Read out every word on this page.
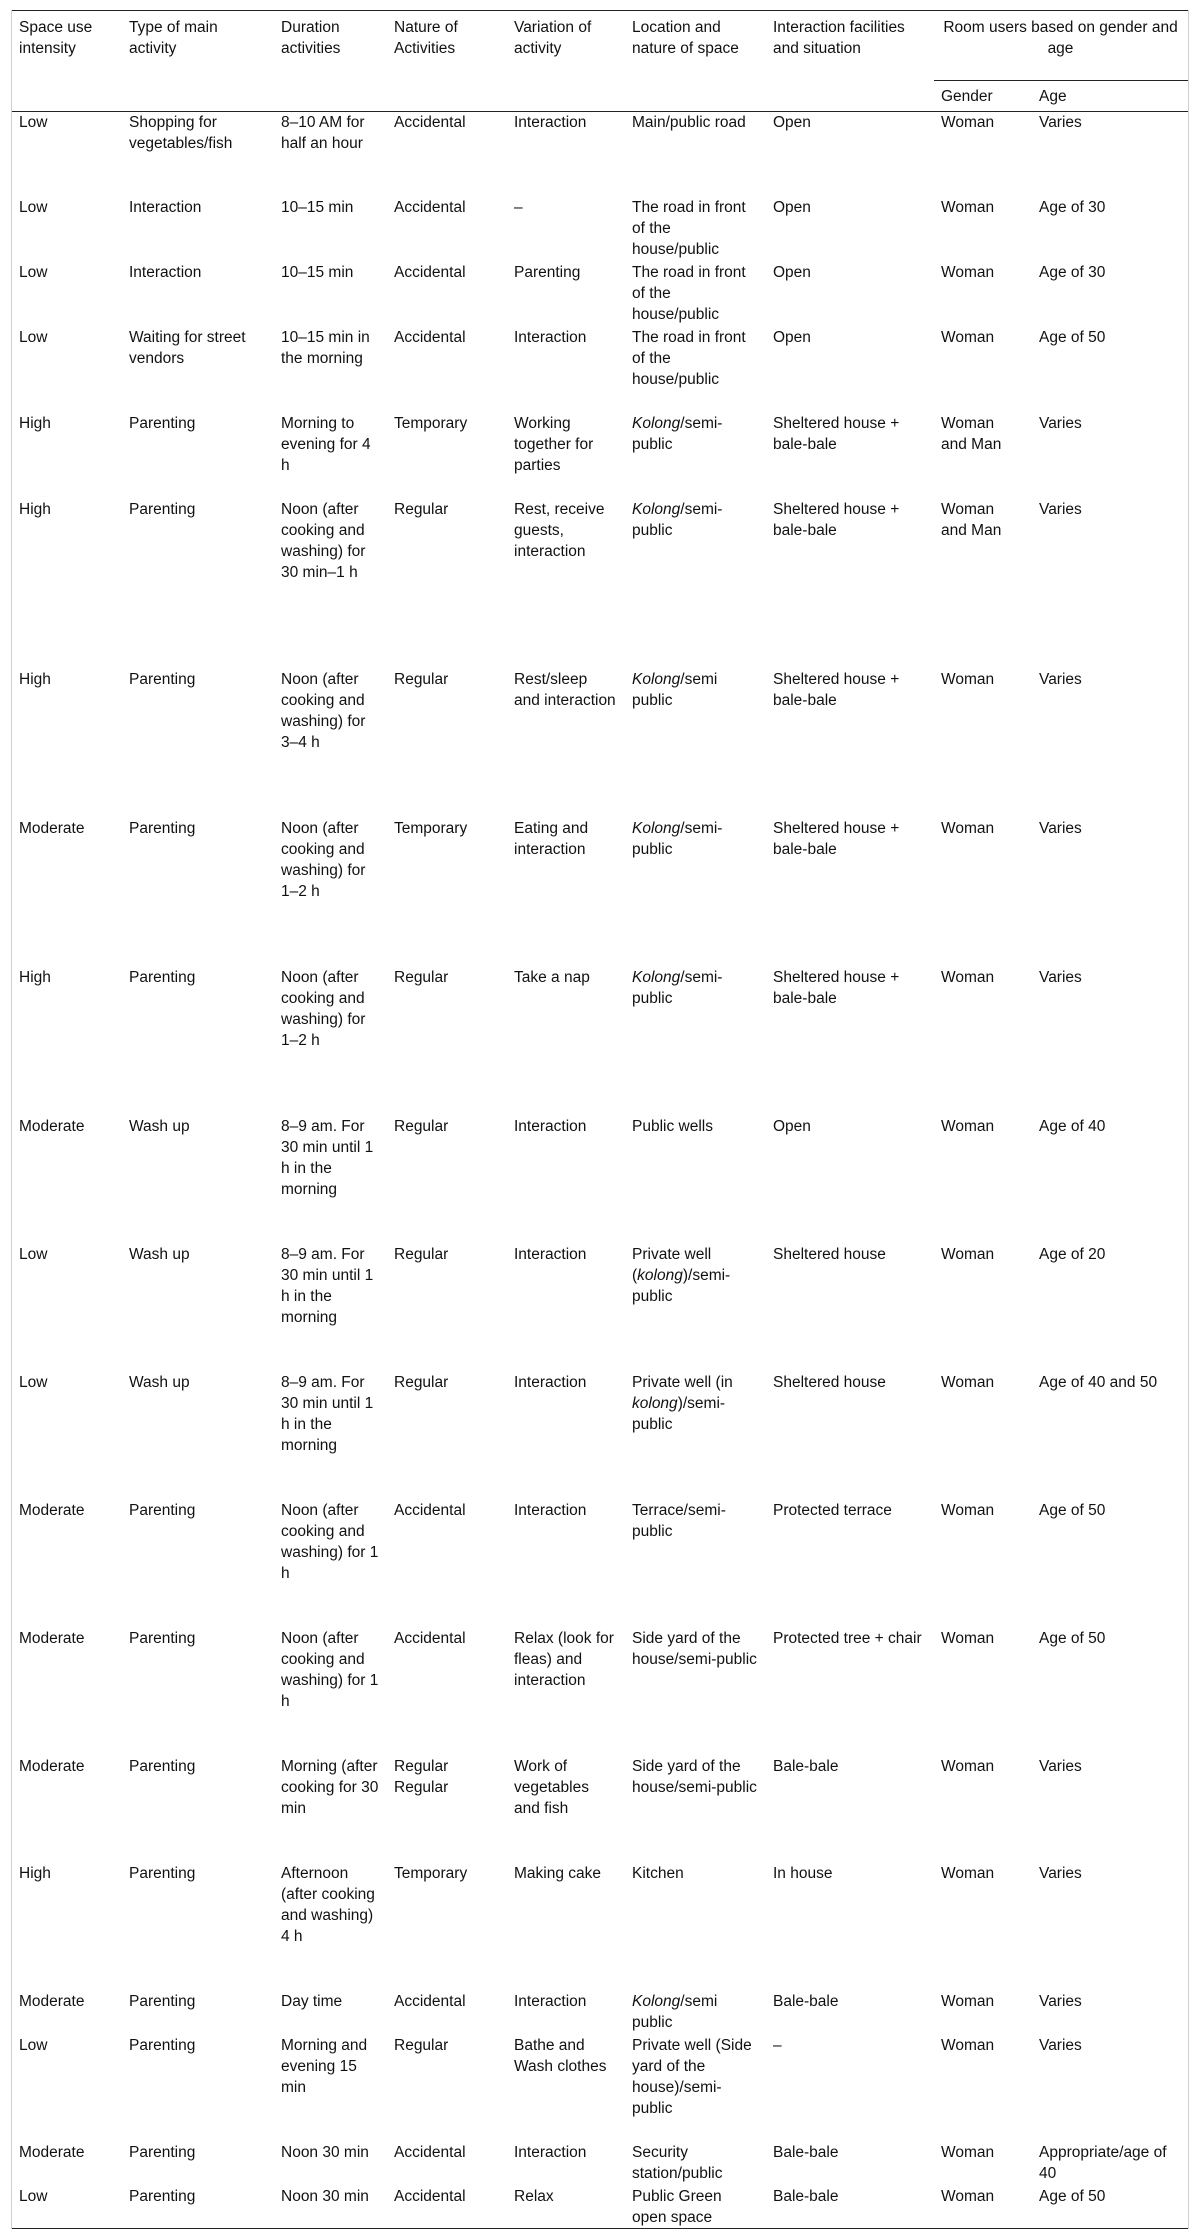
Space use intensity	Type of main activity	Duration activities	Nature of Activities	Variation of activity	Location and nature of space	Interaction facilities and situation	Room users based on gender and age	
							Gender	Age
Low	Shopping for vegetables/fish	8–10 AM for half an hour	Accidental	Interaction	Main/public road	Open	Woman	Varies
Low	Interaction	10–15 min	Accidental	–	The road in front of the house/public	Open	Woman	Age of 30
Low	Interaction	10–15 min	Accidental	Parenting	The road in front of the house/public	Open	Woman	Age of 30
Low	Waiting for street vendors	10–15 min in the morning	Accidental	Interaction	The road in front of the house/public	Open	Woman	Age of 50
High	Parenting	Morning to evening for 4 h	Temporary	Working together for parties	Kolong/semi-public	Sheltered house + bale-bale	Woman and Man	Varies
High	Parenting	Noon (after cooking and washing) for 30 min–1 h	Regular	Rest, receive guests, interaction	Kolong/semi-public	Sheltered house + bale-bale	Woman and Man	Varies
High	Parenting	Noon (after cooking and washing) for 3–4 h	Regular	Rest/sleep and interaction	Kolong/semi public	Sheltered house + bale-bale	Woman	Varies
Moderate	Parenting	Noon (after cooking and washing) for 1–2 h	Temporary	Eating and interaction	Kolong/semi-public	Sheltered house + bale-bale	Woman	Varies
High	Parenting	Noon (after cooking and washing) for 1–2 h	Regular	Take a nap	Kolong/semi-public	Sheltered house + bale-bale	Woman	Varies
Moderate	Wash up	8–9 am. For 30 min until 1 h in the morning	Regular	Interaction	Public wells	Open	Woman	Age of 40
Low	Wash up	8–9 am. For 30 min until 1 h in the morning	Regular	Interaction	Private well (kolong)/semi-public	Sheltered house	Woman	Age of 20
Low	Wash up	8–9 am. For 30 min until 1 h in the morning	Regular	Interaction	Private well (in kolong)/semi-public	Sheltered house	Woman	Age of 40 and 50
Moderate	Parenting	Noon (after cooking and washing) for 1 h	Accidental	Interaction	Terrace/semi-public	Protected terrace	Woman	Age of 50
Moderate	Parenting	Noon (after cooking and washing) for 1 h	Accidental	Relax (look for fleas) and interaction	Side yard of the house/semi-public	Protected tree + chair	Woman	Age of 50
Moderate	Parenting	Morning (after cooking for 30 min	Regular Regular	Work of vegetables and fish	Side yard of the house/semi-public	Bale-bale	Woman	Varies
High	Parenting	Afternoon (after cooking and washing) 4 h	Temporary	Making cake	Kitchen	In house	Woman	Varies
Moderate	Parenting	Day time	Accidental	Interaction	Kolong/semi public	Bale-bale	Woman	Varies
Low	Parenting	Morning and evening 15 min	Regular	Bathe and Wash clothes	Private well (Side yard of the house)/semi-public	–	Woman	Varies
Moderate	Parenting	Noon 30 min	Accidental	Interaction	Security station/public	Bale-bale	Woman	Appropriate/age of 40
Low	Parenting	Noon 30 min	Accidental	Relax	Public Green open space	Bale-bale	Woman	Age of 50
